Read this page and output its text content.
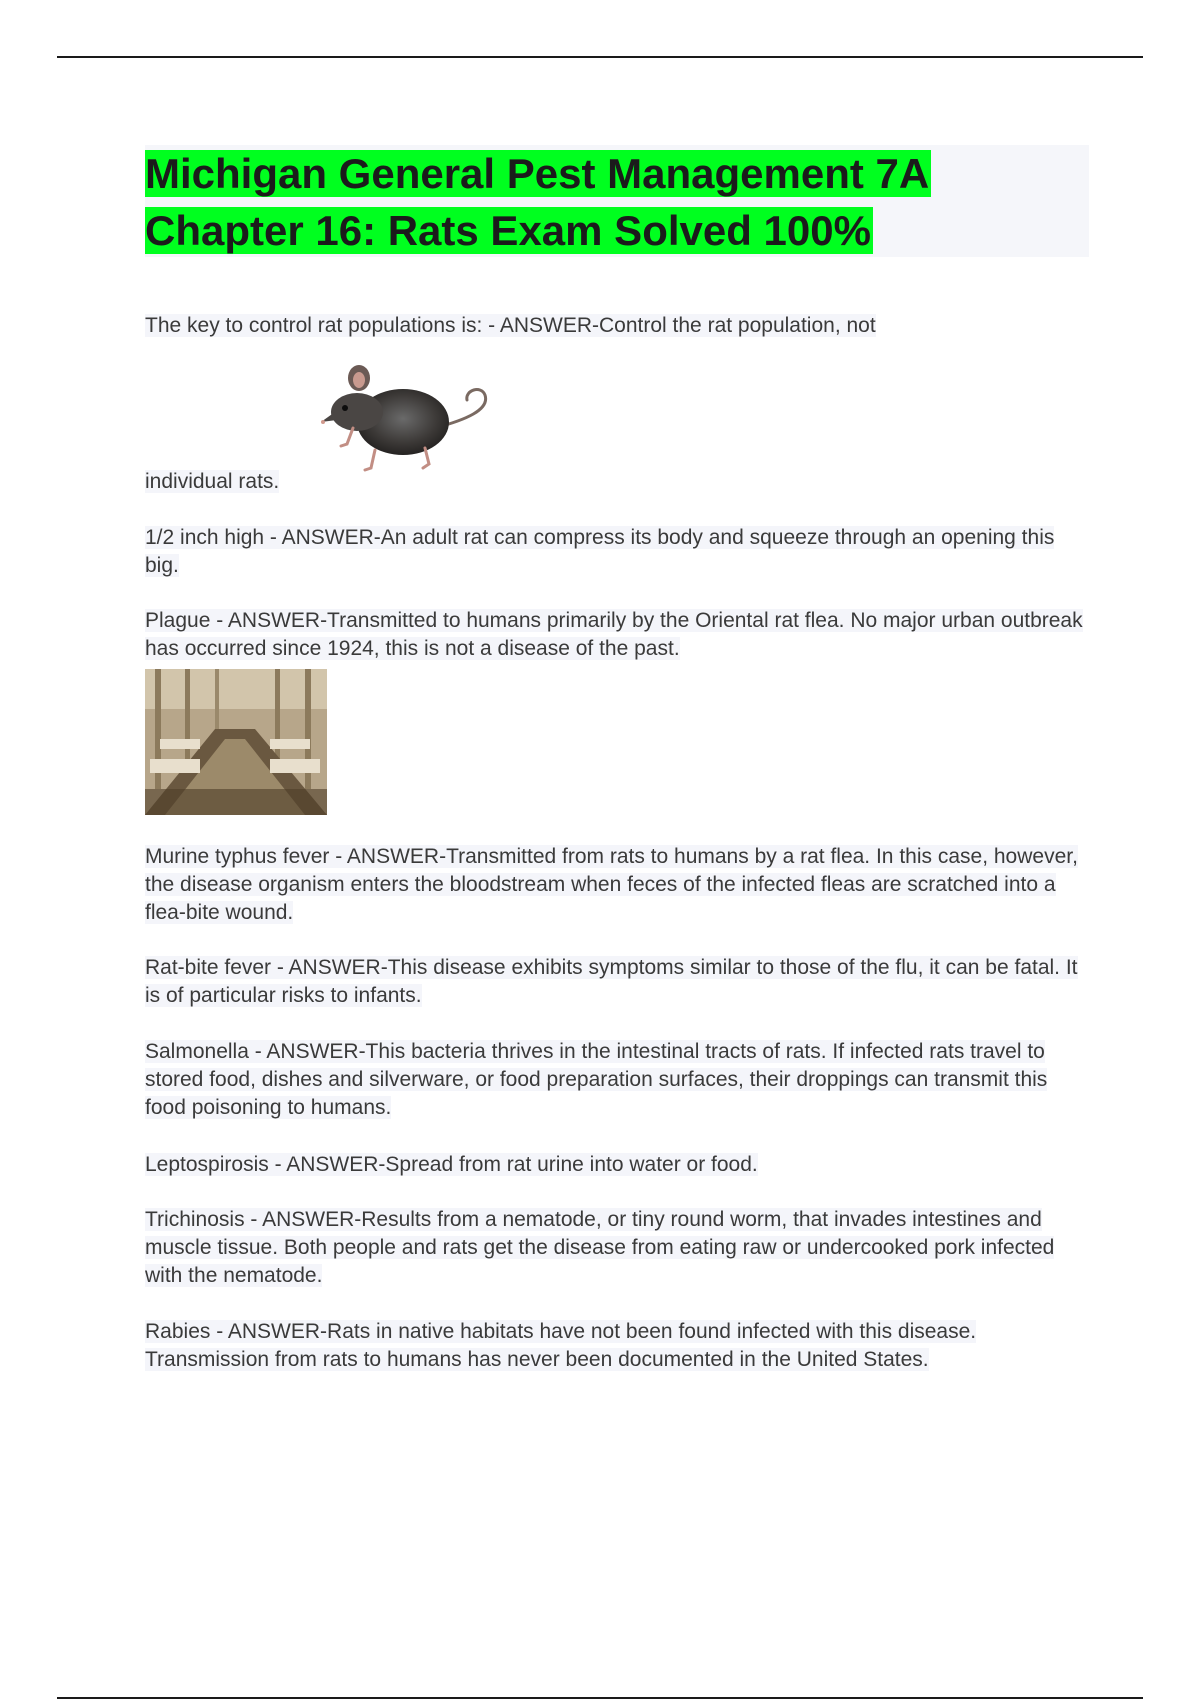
Michigan General Pest Management 7A
Chapter 16: Rats Exam Solved 100%
The key to control rat populations is: - ANSWER-Control the rat population, not
individual rats.
1/2 inch high - ANSWER-An adult rat can compress its body and squeeze through an opening this big.
Plague - ANSWER-Transmitted to humans primarily by the Oriental rat flea. No major urban outbreak has occurred since 1924, this is not a disease of the past.
Murine typhus fever - ANSWER-Transmitted from rats to humans by a rat flea. In this case, however, the disease organism enters the bloodstream when feces of the infected fleas are scratched into a flea-bite wound.
Rat-bite fever - ANSWER-This disease exhibits symptoms similar to those of the flu, it can be fatal. It is of particular risks to infants.
Salmonella - ANSWER-This bacteria thrives in the intestinal tracts of rats. If infected rats travel to stored food, dishes and silverware, or food preparation surfaces, their droppings can transmit this food poisoning to humans.
Leptospirosis - ANSWER-Spread from rat urine into water or food.
Trichinosis - ANSWER-Results from a nematode, or tiny round worm, that invades intestines and muscle tissue. Both people and rats get the disease from eating raw or undercooked pork infected with the nematode.
Rabies - ANSWER-Rats in native habitats have not been found infected with this disease. Transmission from rats to humans has never been documented in the United States.
